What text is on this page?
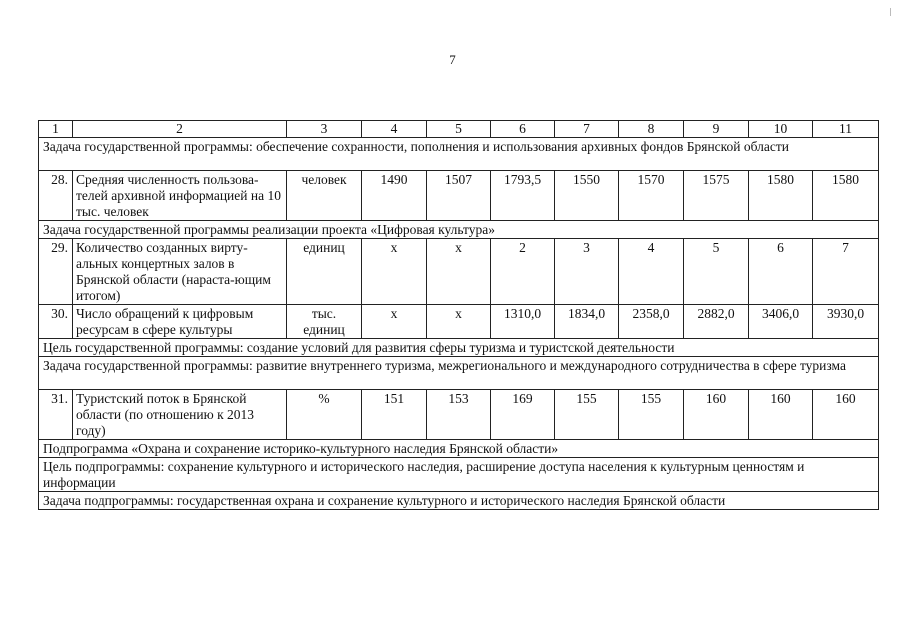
7
1	2	3	4	5	6	7	8	9	10	11
Задача государственной программы: обеспечение сохранности, пополнения и использования архивных фондов Брянской области										
28.	Средняя численность пользова-телей архивной информацией на 10 тыс. человек	человек	1490	1507	1793,5	1550	1570	1575	1580	1580
Задача государственной программы реализации проекта «Цифровая культура»										
29.	Количество созданных вирту-альных концертных залов в Брянской области (нараста-ющим итогом)	единиц	х	х	2	3	4	5	6	7
30.	Число обращений к цифровым ресурсам в сфере культуры	тыс. единиц	х	х	1310,0	1834,0	2358,0	2882,0	3406,0	3930,0
Цель государственной программы: создание условий для развития сферы туризма и туристской деятельности										
Задача государственной программы: развитие внутреннего туризма, межрегионального и международного сотрудничества в сфере туризма										
31.	Туристский поток в Брянской области (по отношению к 2013 году)	%	151	153	169	155	155	160	160	160
Подпрограмма «Охрана и сохранение историко-культурного наследия Брянской области»										
Цель подпрограммы: сохранение культурного и исторического наследия, расширение доступа населения к культурным ценностям и информации										
Задача подпрограммы: государственная охрана и сохранение культурного и исторического наследия Брянской области										
